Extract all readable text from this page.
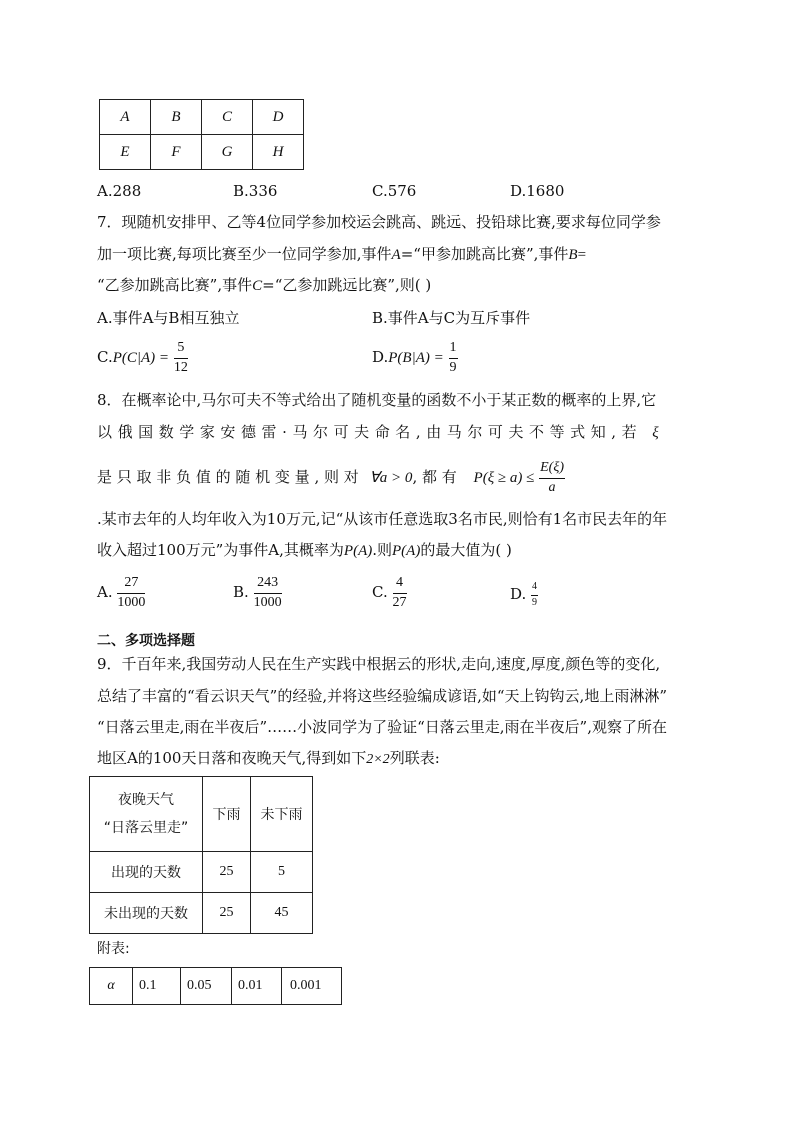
A	B	C	D
E	F	G	H
A.288	B.336	C.576	D.1680
7．现随机安排甲、乙等4位同学参加校运会跳高、跳远、投铅球比赛,要求每位同学参
加一项比赛,每项比赛至少一位同学参加,事件A=“甲参加跳高比赛”,事件B=
“乙参加跳高比赛”,事件C=“乙参加跳远比赛”,则( )
A.事件A与B相互独立	B.事件A与C为互斥事件
$C.P(C|A) = \frac{5}{12}$	$D.P(B|A) = \frac{1}{9}$
8．在概率论中,马尔可夫不等式给出了随机变量的函数不小于某正数的概率的上界,它
以 俄 国 数 学 家 安 德 雷 · 马 尔 可 夫 命 名 , 由 马 尔 可 夫 不 等 式 知 , 若 ξ
是 只 取 非 负 值 的 随 机 变 量 , 则 对 ∀a > 0, 都 有 $P(\xi \ge a) \le \frac{E(\xi)}{a}$
.某市去年的人均年收入为10万元,记“从该市任意选取3名市民,则恰有1名市民去年的年
收入超过100万元”为事件A,其概率为P(A).则P(A)的最大值为( )
A. $\frac{27}{1000}$	B. $\frac{243}{1000}$	C. $\frac{4}{27}$	D. $\frac{4}{9}$
二、多项选择题
9．千百年来,我国劳动人民在生产实践中根据云的形状,走向,速度,厚度,颜色等的变化,
总结了丰富的“看云识天气”的经验,并将这些经验编成谚语,如“天上钩钩云,地上雨淋淋”
“日落云里走,雨在半夜后”……小波同学为了验证“日落云里走,雨在半夜后”,观察了所在
地区A的100天日落和夜晚天气,得到如下2×2列联表:
夜晚天气
“日落云里走”	下雨	未下雨
出现的天数	25	5
未出现的天数	25	45
附表:
α	0.1	0.05	0.01	0.001
